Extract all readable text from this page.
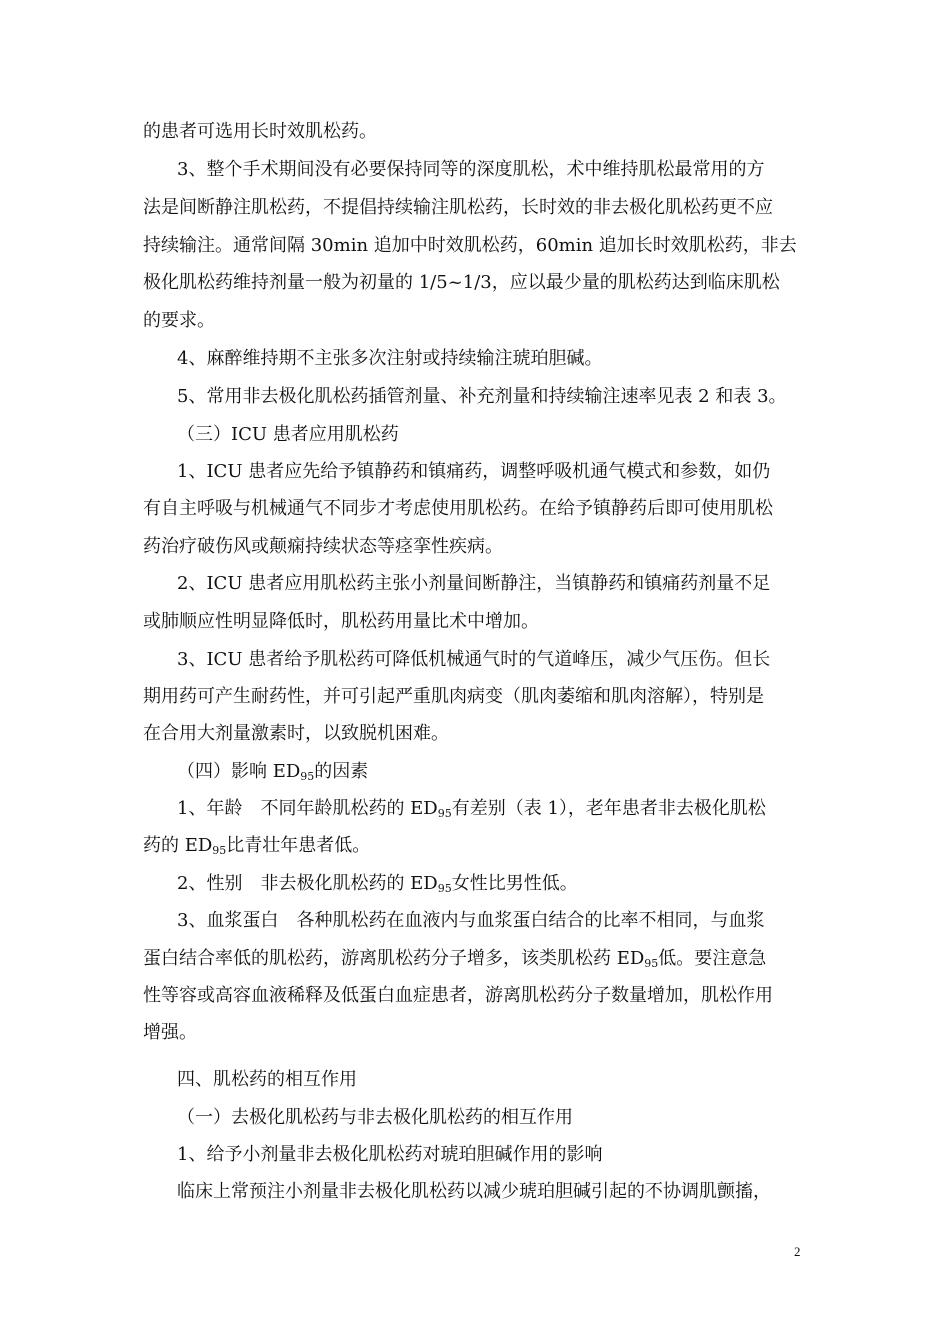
的患者可选用长时效肌松药。
3、整个手术期间没有必要保持同等的深度肌松，术中维持肌松最常用的方
法是间断静注肌松药，不提倡持续输注肌松药，长时效的非去极化肌松药更不应
持续输注。通常间隔 30min 追加中时效肌松药，60min 追加长时效肌松药，非去
极化肌松药维持剂量一般为初量的 1/5~1/3，应以最少量的肌松药达到临床肌松
的要求。
4、麻醉维持期不主张多次注射或持续输注琥珀胆碱。
5、常用非去极化肌松药插管剂量、补充剂量和持续输注速率见表 2 和表 3。
（三）ICU 患者应用肌松药
1、ICU 患者应先给予镇静药和镇痛药，调整呼吸机通气模式和参数，如仍
有自主呼吸与机械通气不同步才考虑使用肌松药。在给予镇静药后即可使用肌松
药治疗破伤风或颠痫持续状态等痉挛性疾病。
2、ICU 患者应用肌松药主张小剂量间断静注，当镇静药和镇痛药剂量不足
或肺顺应性明显降低时，肌松药用量比术中增加。
3、ICU 患者给予肌松药可降低机械通气时的气道峰压，减少气压伤。但长
期用药可产生耐药性，并可引起严重肌肉病变（肌肉萎缩和肌肉溶解），特别是
在合用大剂量激素时，以致脱机困难。
（四）影响 ED95的因素
1、年龄　不同年龄肌松药的 ED95有差别（表 1），老年患者非去极化肌松
药的 ED95比青壮年患者低。
2、性别　非去极化肌松药的 ED95女性比男性低。
3、血浆蛋白　各种肌松药在血液内与血浆蛋白结合的比率不相同，与血浆
蛋白结合率低的肌松药，游离肌松药分子增多，该类肌松药 ED95低。要注意急
性等容或高容血液稀释及低蛋白血症患者，游离肌松药分子数量增加，肌松作用
增强。
四、肌松药的相互作用
（一）去极化肌松药与非去极化肌松药的相互作用
1、给予小剂量非去极化肌松药对琥珀胆碱作用的影响
临床上常预注小剂量非去极化肌松药以减少琥珀胆碱引起的不协调肌颤搐，
2
